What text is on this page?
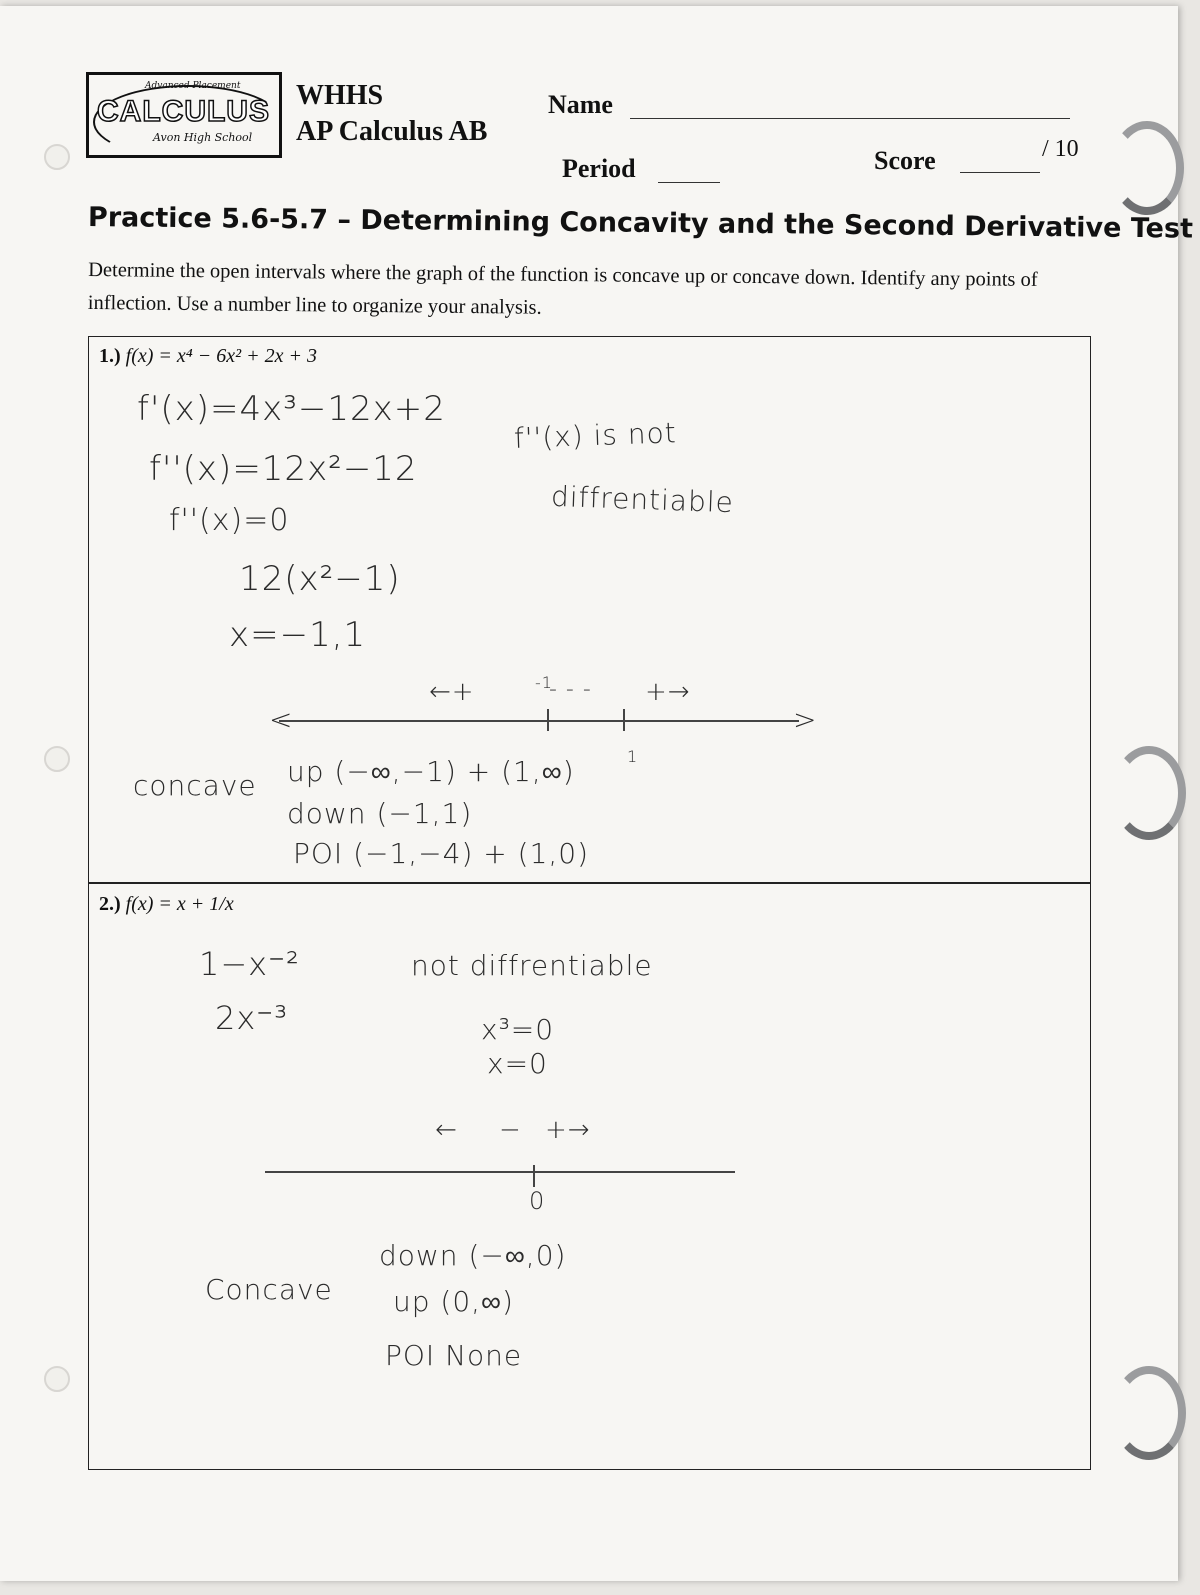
Advanced Placement
CALCULUS
Avon High School
WHHS
AP Calculus AB
Name
Period	Score	/ 10
Practice 5.6-5.7 – Determining Concavity and the Second Derivative Test
Determine the open intervals where the graph of the function is concave up or concave down. Identify any points of inflection. Use a number line to organize your analysis.
1.) f(x) = x⁴ − 6x² + 2x + 3
f'(x)=4x³−12x+2
f''(x)=12x²−12
f''(x)=0
12(x²−1)
x=−1,1
f''(x) is not
diffrentiable
←+	- - - +→
<	>
-1
1
concave up (−∞,−1) + (1,∞)
down (−1,1)
POI (−1,−4) + (1,0)
2.) f(x) = x + 1/x
1−x⁻²
2x⁻³
not diffrentiable
x³=0
x=0
← − +→
0
Concave
down (−∞,0)
up (0,∞)
POI None
